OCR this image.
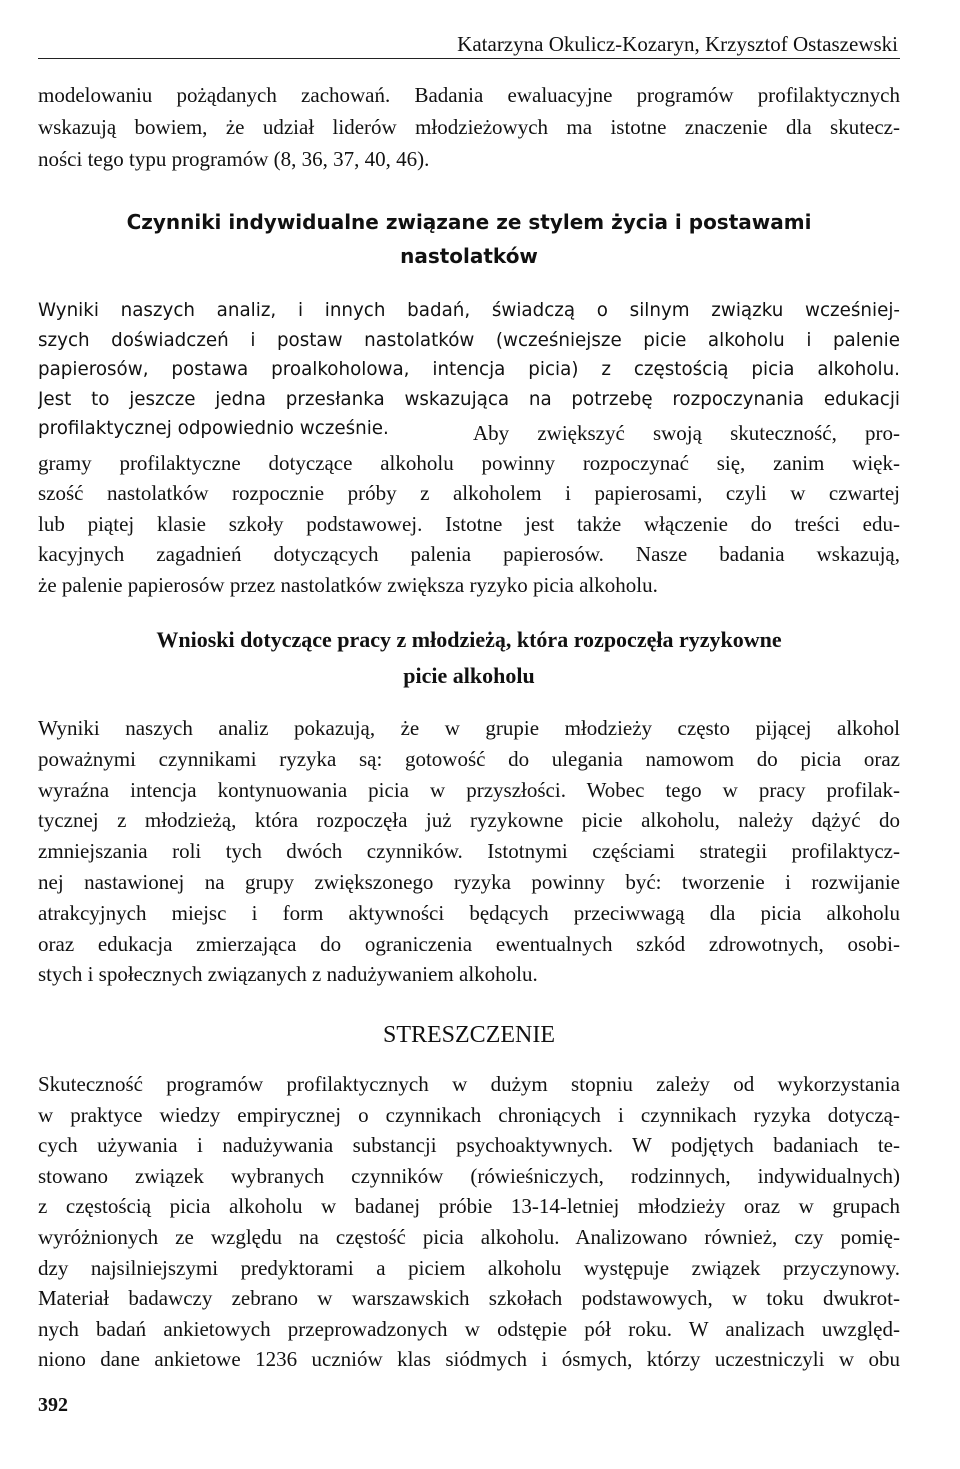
Katarzyna Okulicz-Kozaryn, Krzysztof Ostaszewski
modelowaniu pożądanych zachowań. Badania ewaluacyjne programów profilaktycznych
wskazują bowiem, że udział liderów młodzieżowych ma istotne znaczenie dla skutecz-
ności tego typu programów (8, 36, 37, 40, 46).
Czynniki indywidualne związane ze stylem życia i postawami
nastolatków
Wyniki naszych analiz, i innych badań, świadczą o silnym związku wcześniej-
szych doświadczeń i postaw nastolatków (wcześniejsze picie alkoholu i palenie
papierosów, postawa proalkoholowa, intencja picia) z częstością picia alkoholu.
Jest to jeszcze jedna przesłanka wskazująca na potrzebę rozpoczynania edukacji
profilaktycznej odpowiednio wcześnie.	Aby zwiększyć swoją skuteczność, pro-
gramy profilaktyczne dotyczące alkoholu powinny rozpoczynać się, zanim więk-
szość nastolatków rozpocznie próby z alkoholem i papierosami, czyli w czwartej
lub piątej klasie szkoły podstawowej. Istotne jest także włączenie do treści edu-
kacyjnych zagadnień dotyczących palenia papierosów. Nasze badania wskazują,
że palenie papierosów przez nastolatków zwiększa ryzyko picia alkoholu.
Wnioski dotyczące pracy z młodzieżą, która rozpoczęła ryzykowne
picie alkoholu
Wyniki naszych analiz pokazują, że w grupie młodzieży często pijącej alkohol
poważnymi czynnikami ryzyka są: gotowość do ulegania namowom do picia oraz
wyraźna intencja kontynuowania picia w przyszłości. Wobec tego w pracy profilak-
tycznej z młodzieżą, która rozpoczęła już ryzykowne picie alkoholu, należy dążyć do
zmniejszania roli tych dwóch czynników. Istotnymi częściami strategii profilaktycz-
nej nastawionej na grupy zwiększonego ryzyka powinny być: tworzenie i rozwijanie
atrakcyjnych miejsc i form aktywności będących przeciwwagą dla picia alkoholu
oraz edukacja zmierzająca do ograniczenia ewentualnych szkód zdrowotnych, osobi-
stych i społecznych związanych z nadużywaniem alkoholu.
STRESZCZENIE
Skuteczność programów profilaktycznych w dużym stopniu zależy od wykorzystania
w praktyce wiedzy empirycznej o czynnikach chroniących i czynnikach ryzyka dotyczą-
cych używania i nadużywania substancji psychoaktywnych. W podjętych badaniach te-
stowano związek wybranych czynników (rówieśniczych, rodzinnych, indywidualnych)
z częstością picia alkoholu w badanej próbie 13-14-letniej młodzieży oraz w grupach
wyróżnionych ze względu na częstość picia alkoholu. Analizowano również, czy pomię-
dzy najsilniejszymi predyktorami a piciem alkoholu występuje związek przyczynowy.
Materiał badawczy zebrano w warszawskich szkołach podstawowych, w toku dwukrot-
nych badań ankietowych przeprowadzonych w odstępie pół roku. W analizach uwzględ-
niono dane ankietowe 1236 uczniów klas siódmych i ósmych, którzy uczestniczyli w obu
392
